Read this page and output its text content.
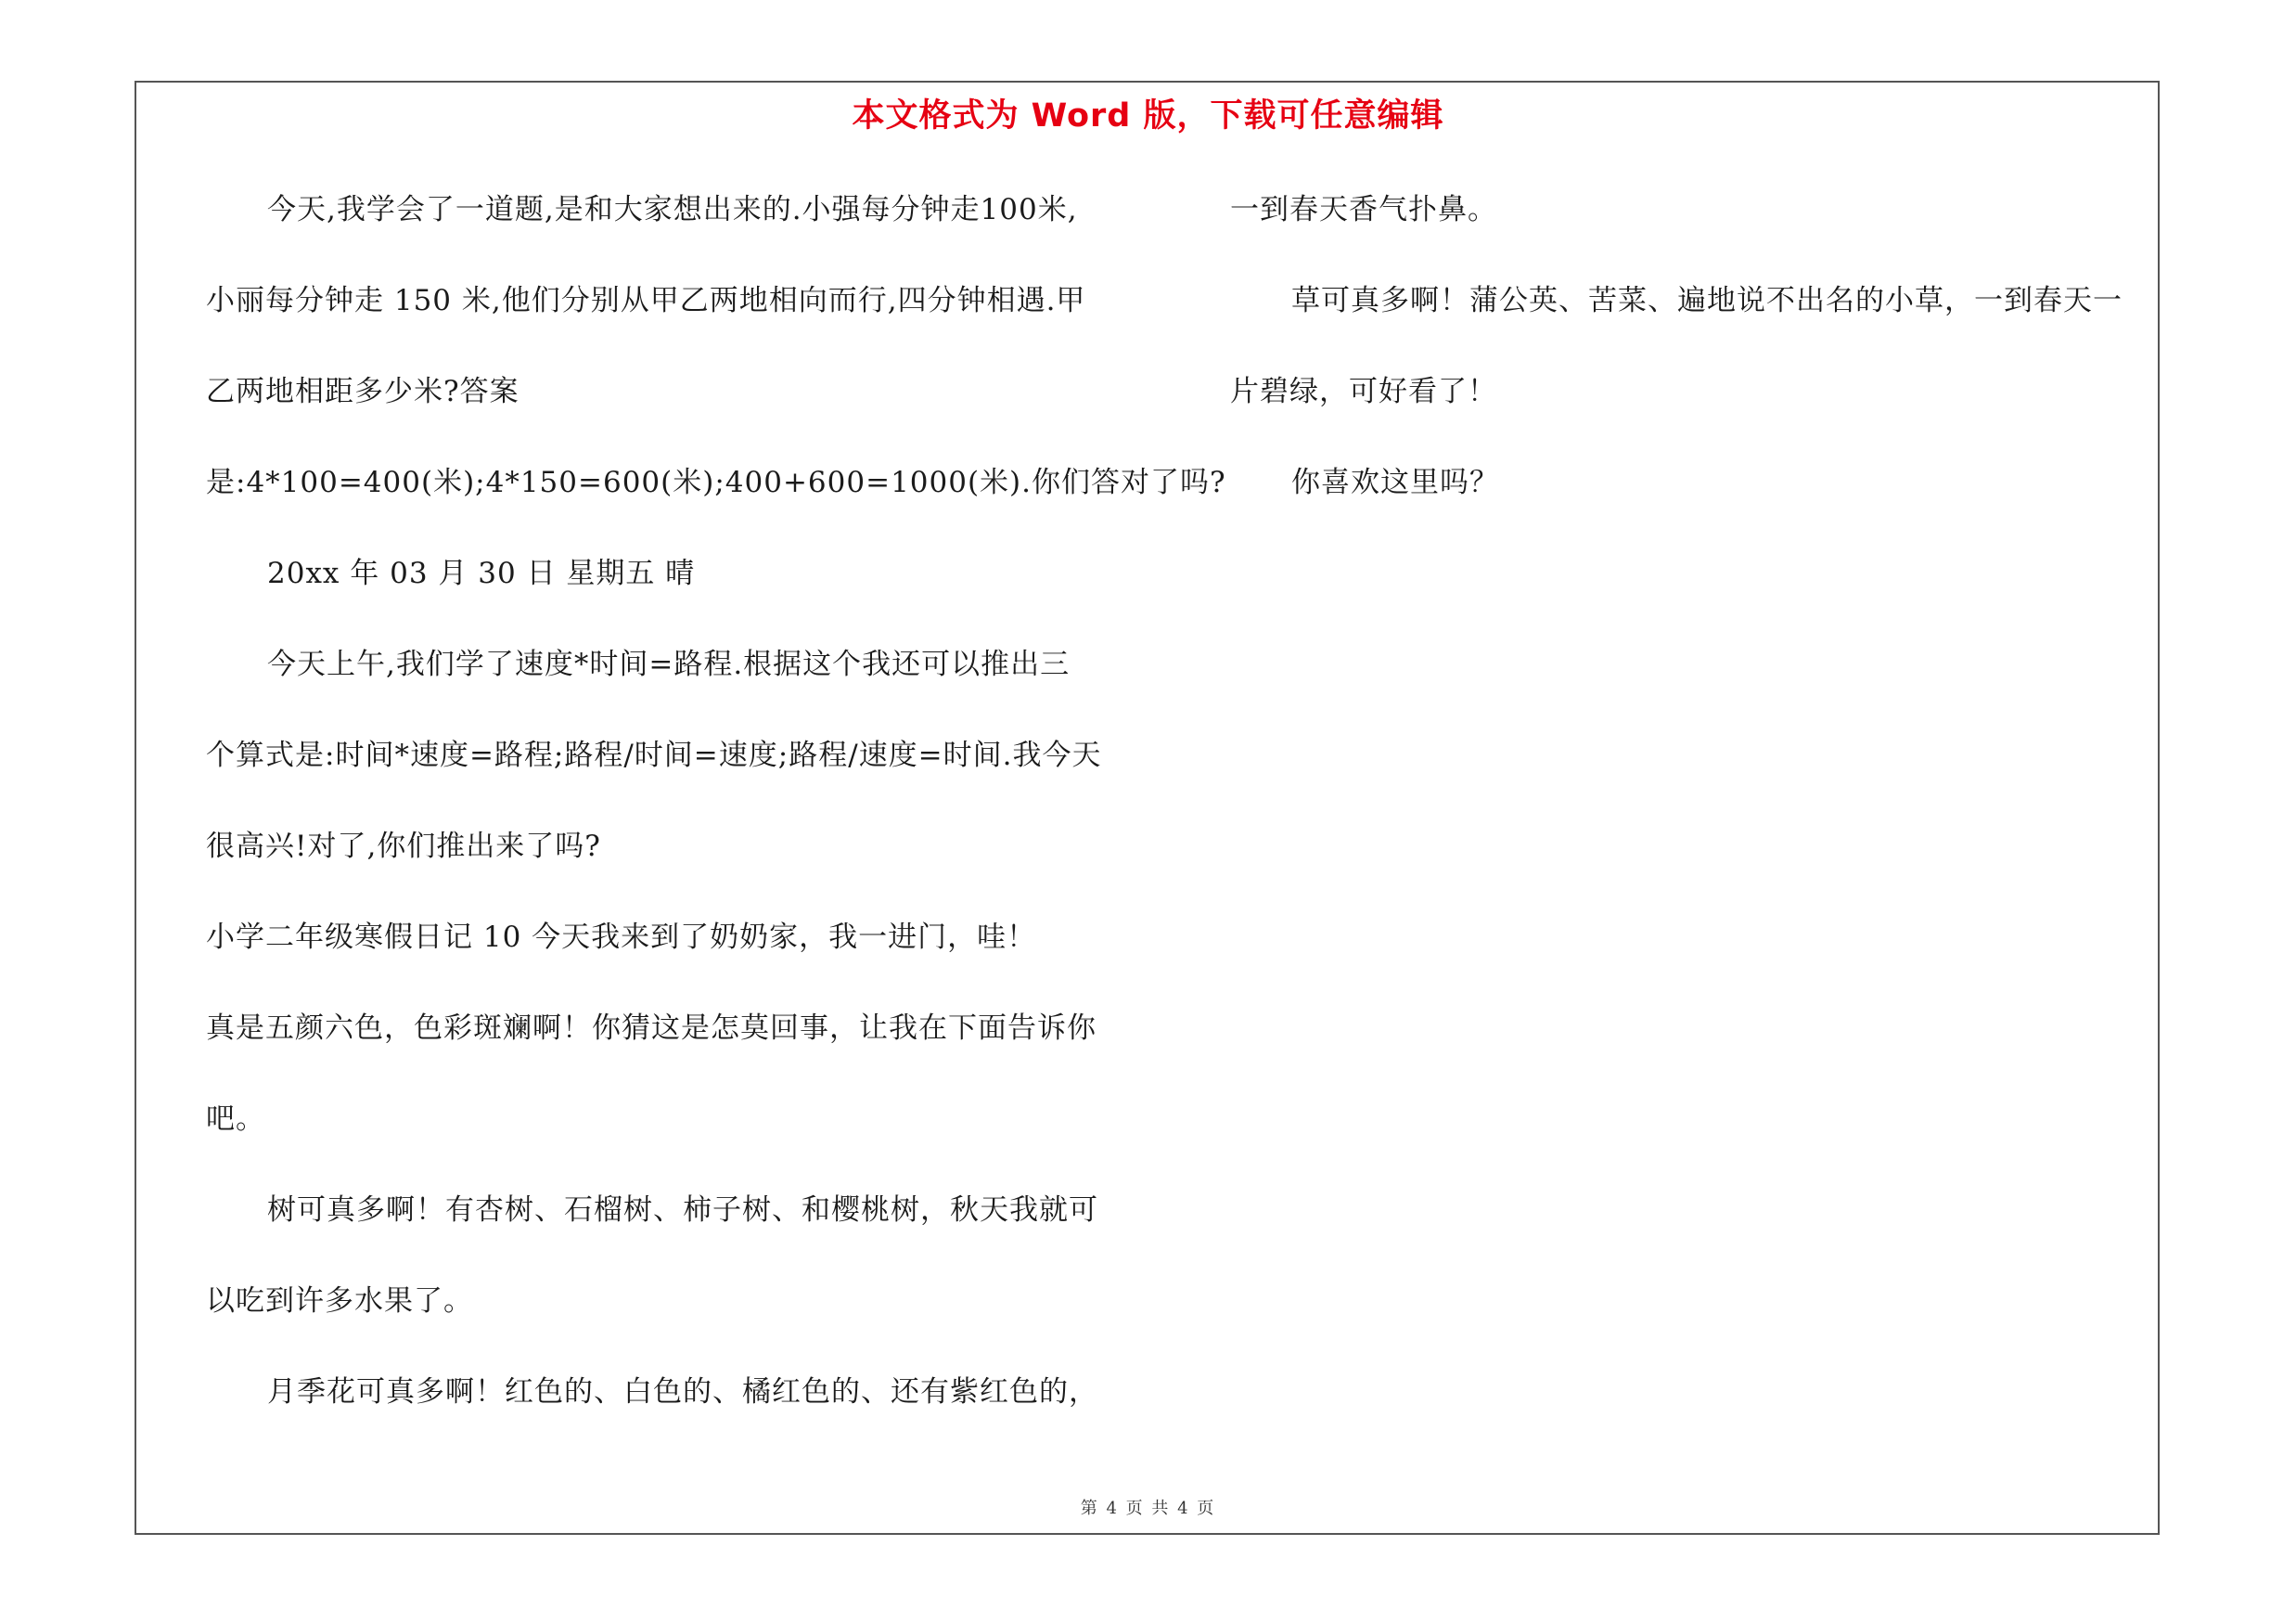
本文格式为 Word 版，下载可任意编辑
今天,我学会了一道题,是和大家想出来的.小强每分钟走100米,
小丽每分钟走 150 米,他们分别从甲乙两地相向而行,四分钟相遇.甲
乙两地相距多少米?答案
是:4*100=400(米);4*150=600(米);400+600=1000(米).你们答对了吗?
20xx 年 03 月 30 日 星期五 晴
今天上午,我们学了速度*时间=路程.根据这个我还可以推出三
个算式是:时间*速度=路程;路程/时间=速度;路程/速度=时间.我今天
很高兴!对了,你们推出来了吗?
小学二年级寒假日记 10 今天我来到了奶奶家，我一进门，哇！
真是五颜六色，色彩斑斓啊！你猜这是怎莫回事，让我在下面告诉你
吧。
树可真多啊！有杏树、石榴树、柿子树、和樱桃树，秋天我就可
以吃到许多水果了。
月季花可真多啊！红色的、白色的、橘红色的、还有紫红色的，
一到春天香气扑鼻。
草可真多啊！蒲公英、苦菜、遍地说不出名的小草，一到春天一
片碧绿，可好看了！
你喜欢这里吗？
第 4 页 共 4 页
